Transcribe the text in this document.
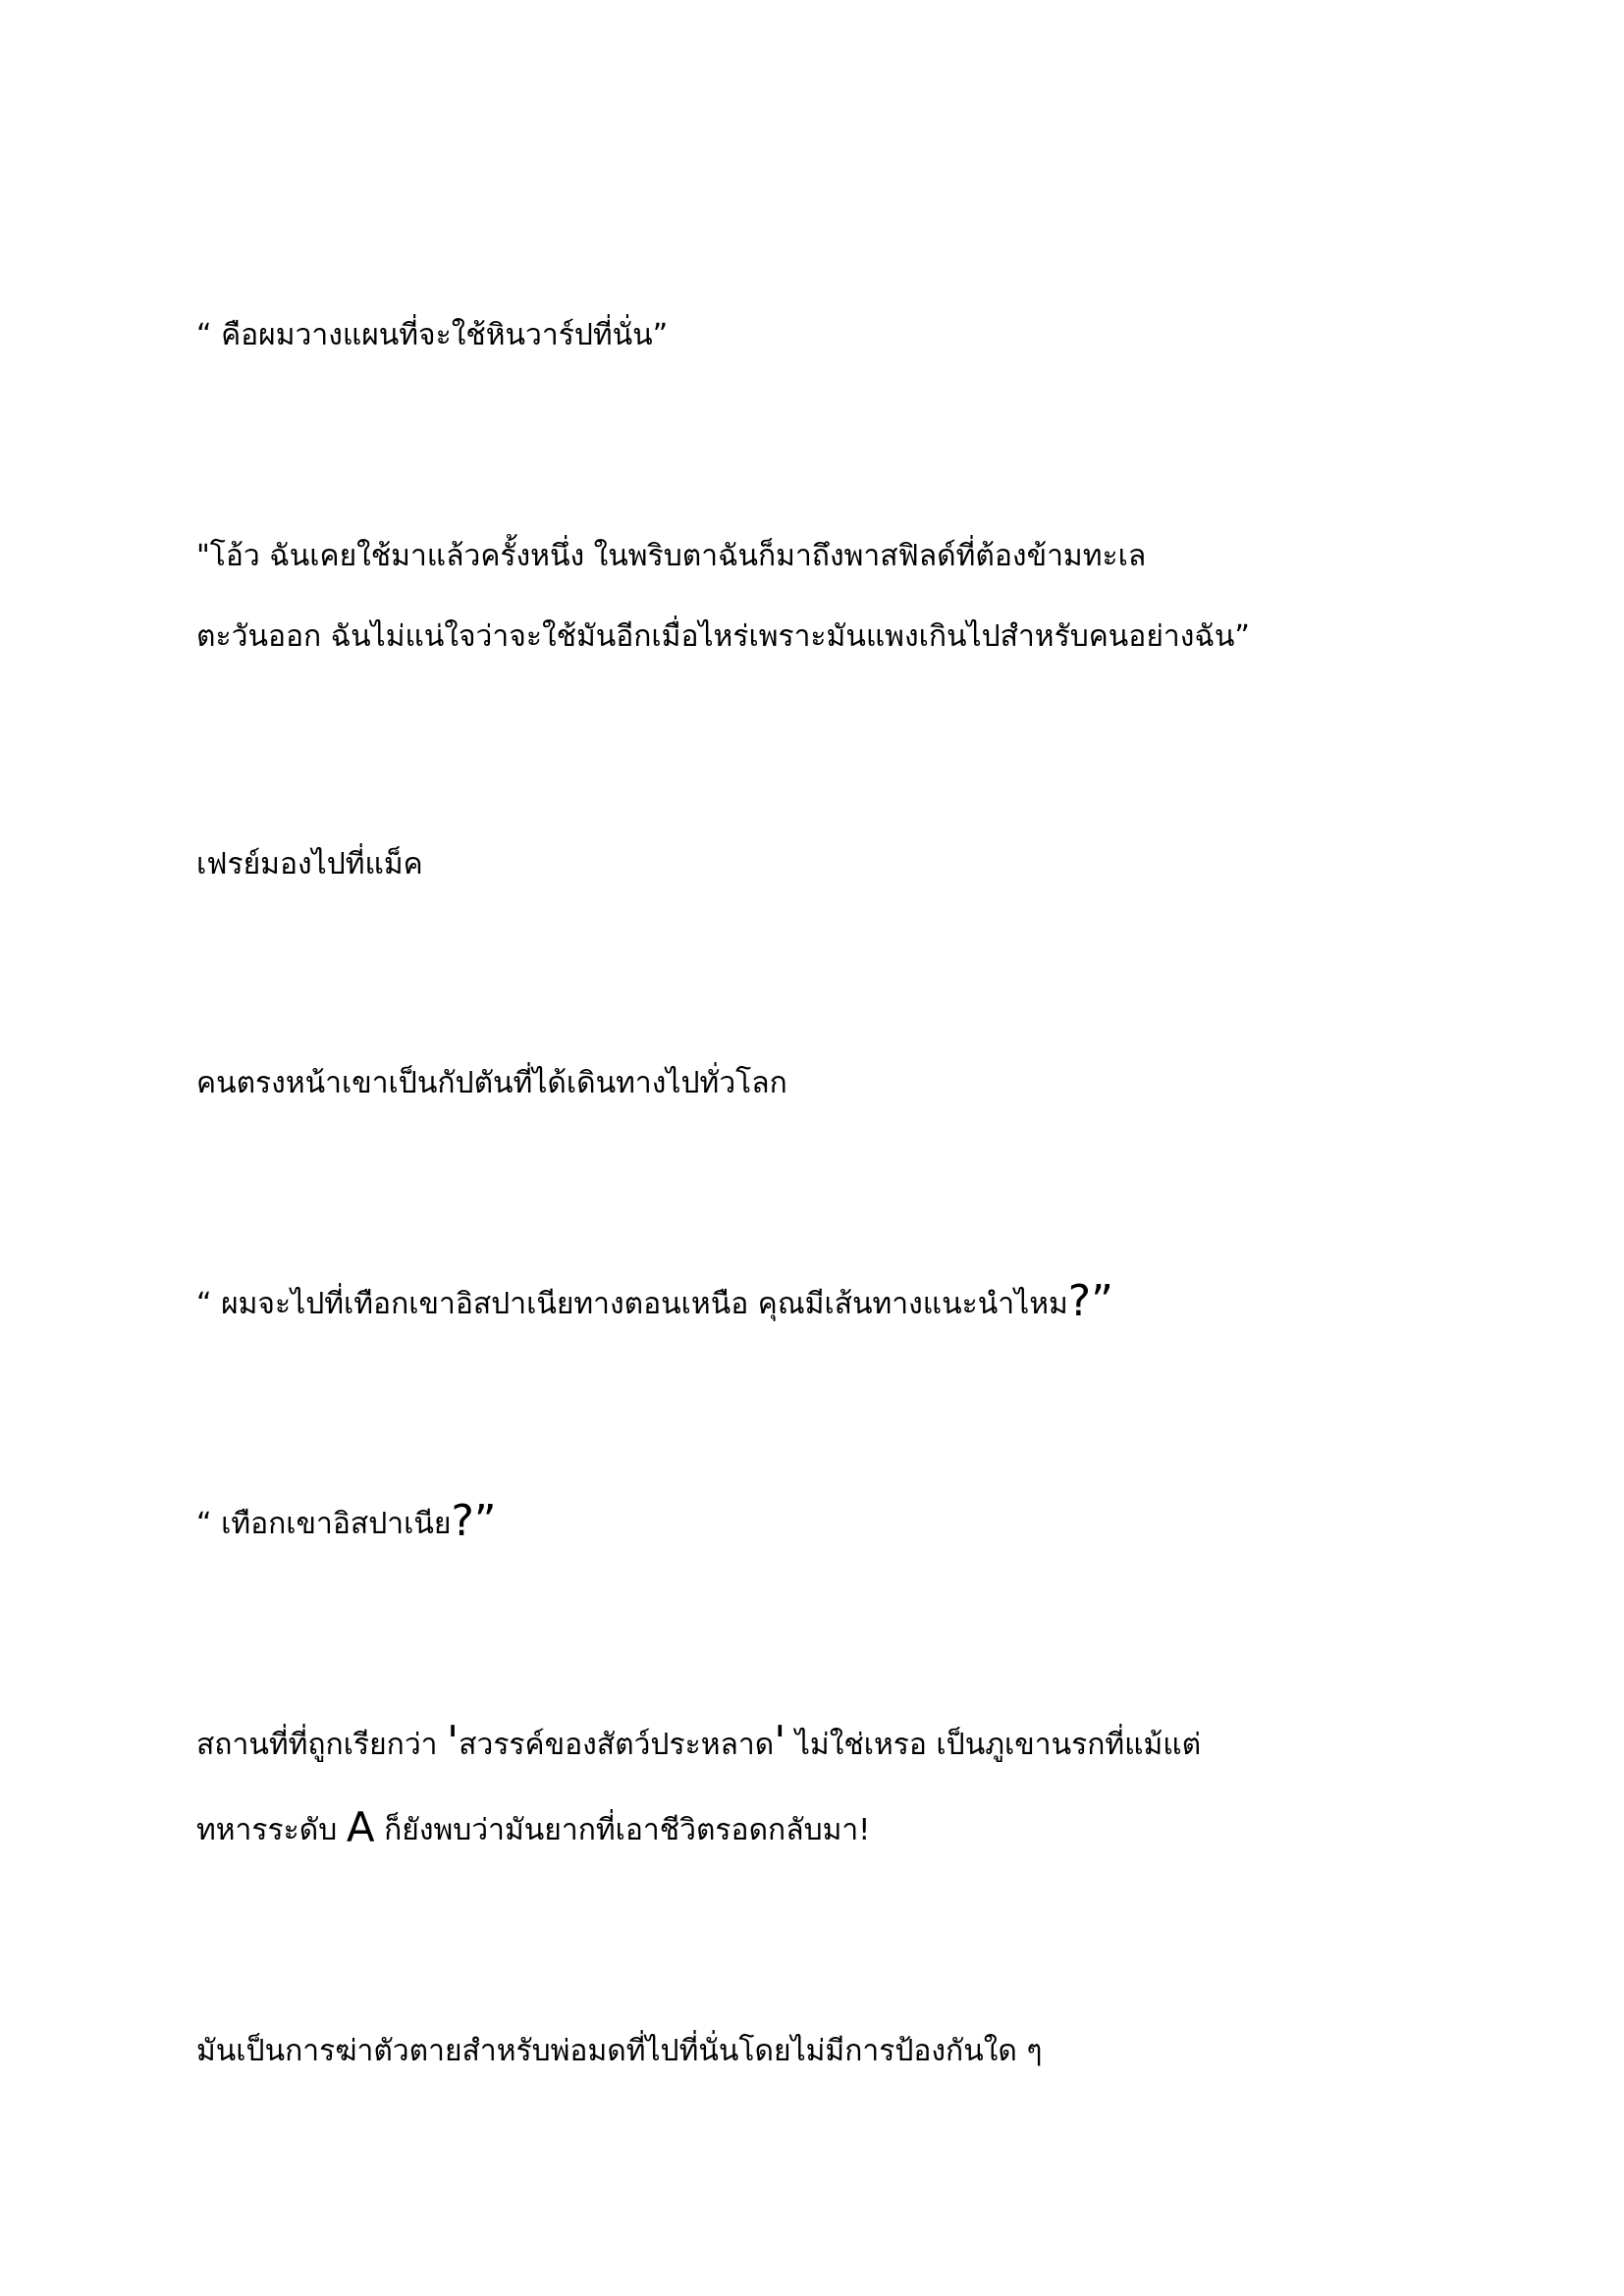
“ คือผมวางแผนที่จะใช้หินวาร์ปที่นั่น”
"โอ้ว ฉันเคยใช้มาแล้วครั้งหนึ่ง ในพริบตาฉันก็มาถึงพาสฟิลด์ที่ต้องข้ามทะเล
ตะวันออก ฉันไม่แน่ใจว่าจะใช้มันอีกเมื่อไหร่เพราะมันแพงเกินไปสำหรับคนอย่างฉัน”
เฟรย์มองไปที่แม็ค
คนตรงหน้าเขาเป็นกัปตันที่ได้เดินทางไปทั่วโลก
“ ผมจะไปที่เทือกเขาอิสปาเนียทางตอนเหนือ คุณมีเส้นทางแนะนำไหม?”
“ เทือกเขาอิสปาเนีย?”
สถานที่ที่ถูกเรียกว่า 'สวรรค์ของสัตว์ประหลาด' ไม่ใช่เหรอ เป็นภูเขานรกที่แม้แต่
ทหารระดับ A ก็ยังพบว่ามันยากที่เอาชีวิตรอดกลับมา!
มันเป็นการฆ่าตัวตายสำหรับพ่อมดที่ไปที่นั่นโดยไม่มีการป้องกันใด ๆ
